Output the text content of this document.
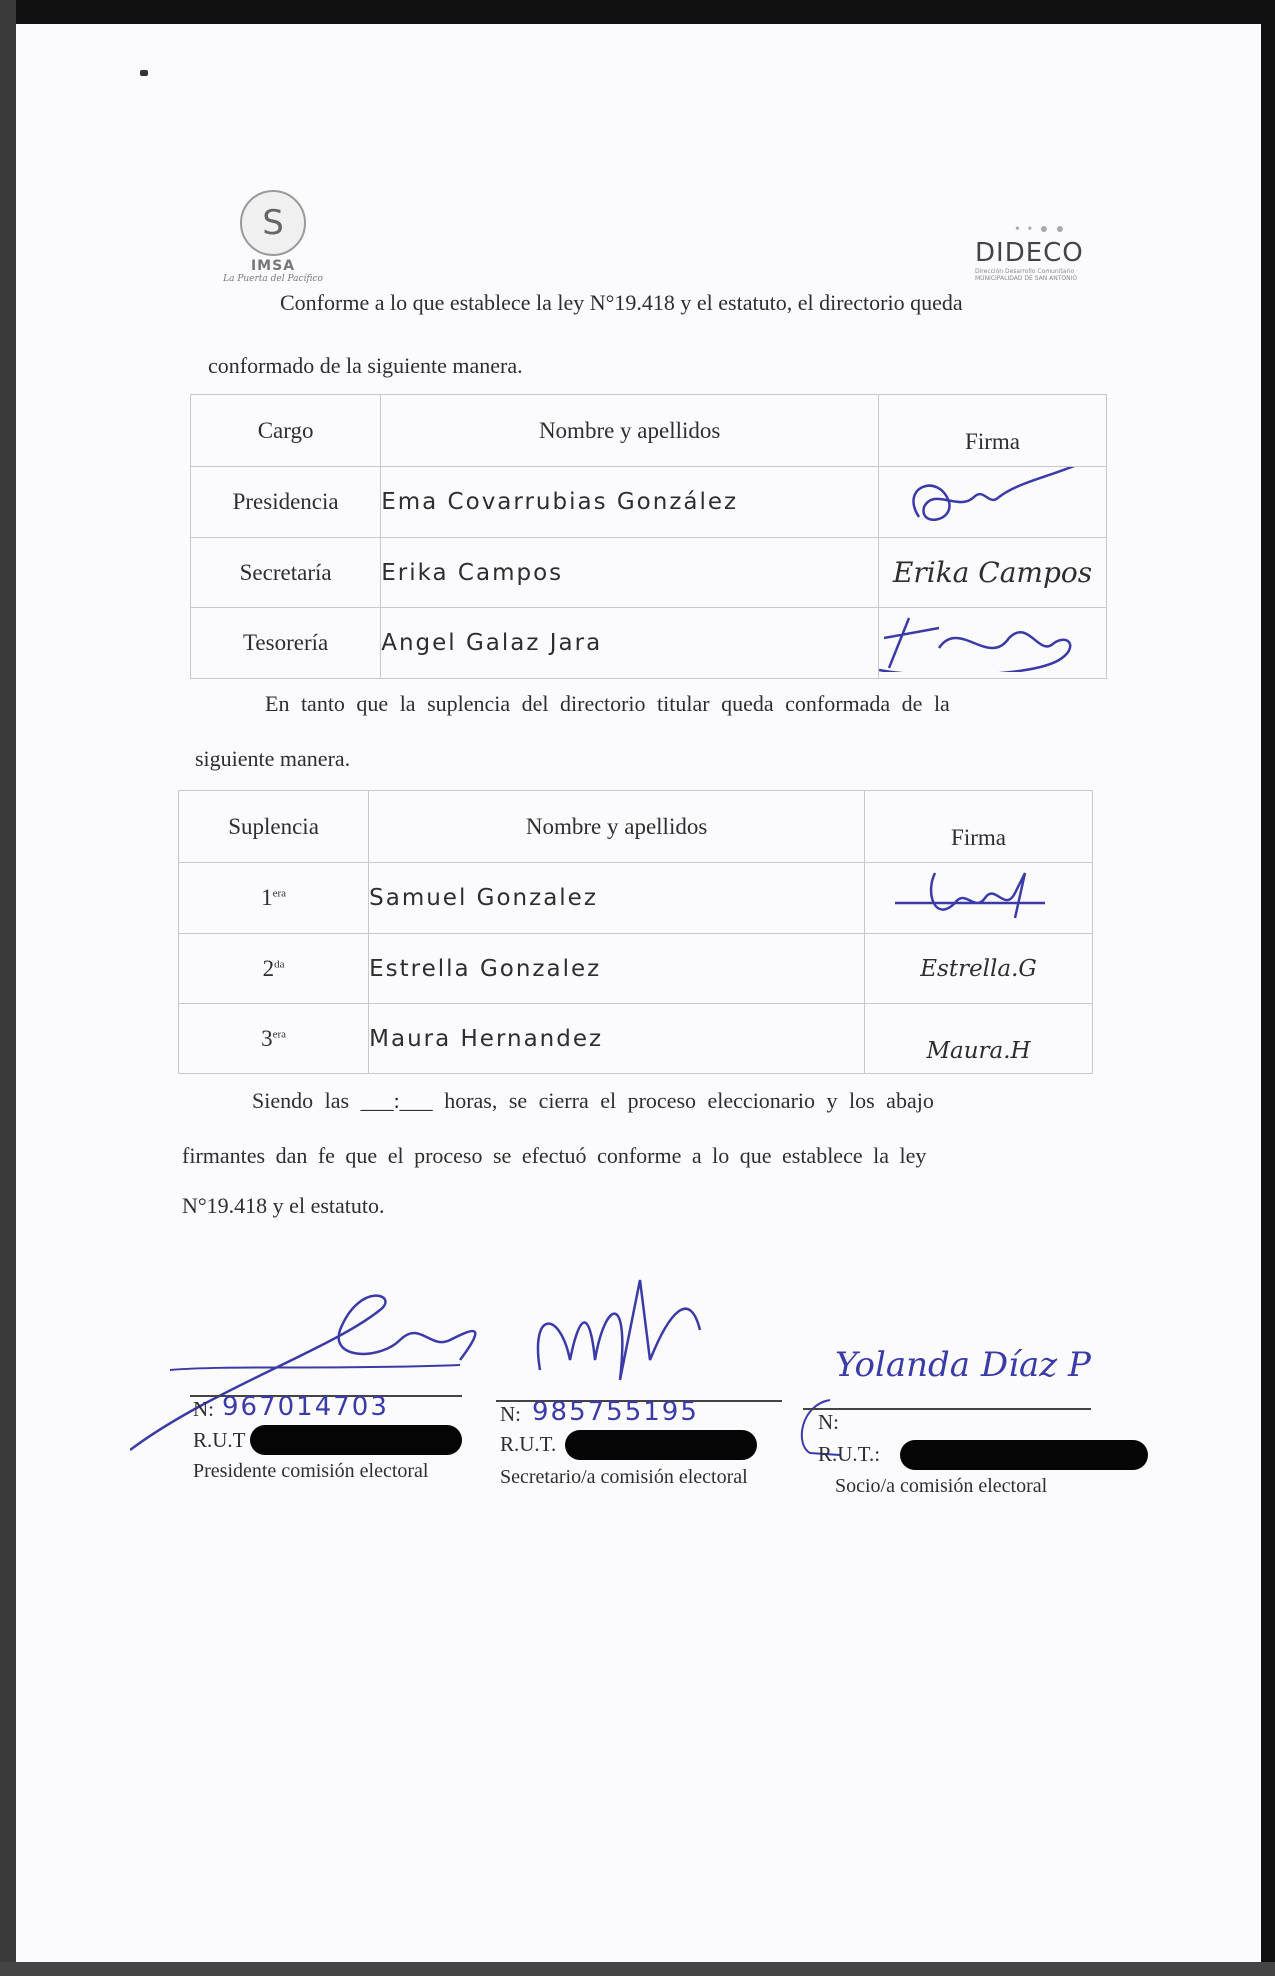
S
IMSA
La Puerta del Pacífico
• • ● ●
DIDECO
Dirección Desarrollo Comunitario · MUNICIPALIDAD DE SAN ANTONIO
Conforme a lo que establece la ley N°19.418 y el estatuto, el directorio queda
conformado de la siguiente manera.
Cargo	Nombre y apellidos	Firma
Presidencia	Ema Covarrubias González	
Secretaría	Erika Campos	Erika Campos
Tesorería	Angel Galaz Jara	
En tanto que la suplencia del directorio titular queda conformada de la
siguiente manera.
Suplencia	Nombre y apellidos	Firma
$1^{era}$	Samuel Gonzalez	
$2^{da}$	Estrella Gonzalez	Estrella.G
$3^{era}$	Maura Hernandez	Maura.H
Siendo las ___:___ horas, se cierra el proceso eleccionario y los abajo
firmantes dan fe que el proceso se efectuó conforme a lo que establece la ley
N°19.418 y el estatuto.
N: 967014703
R.U.T
Presidente comisión electoral
N: 985755195
R.U.T.
Secretario/a comisión electoral
Yolanda Díaz P
N:
R.U.T.:
Socio/a comisión electoral
